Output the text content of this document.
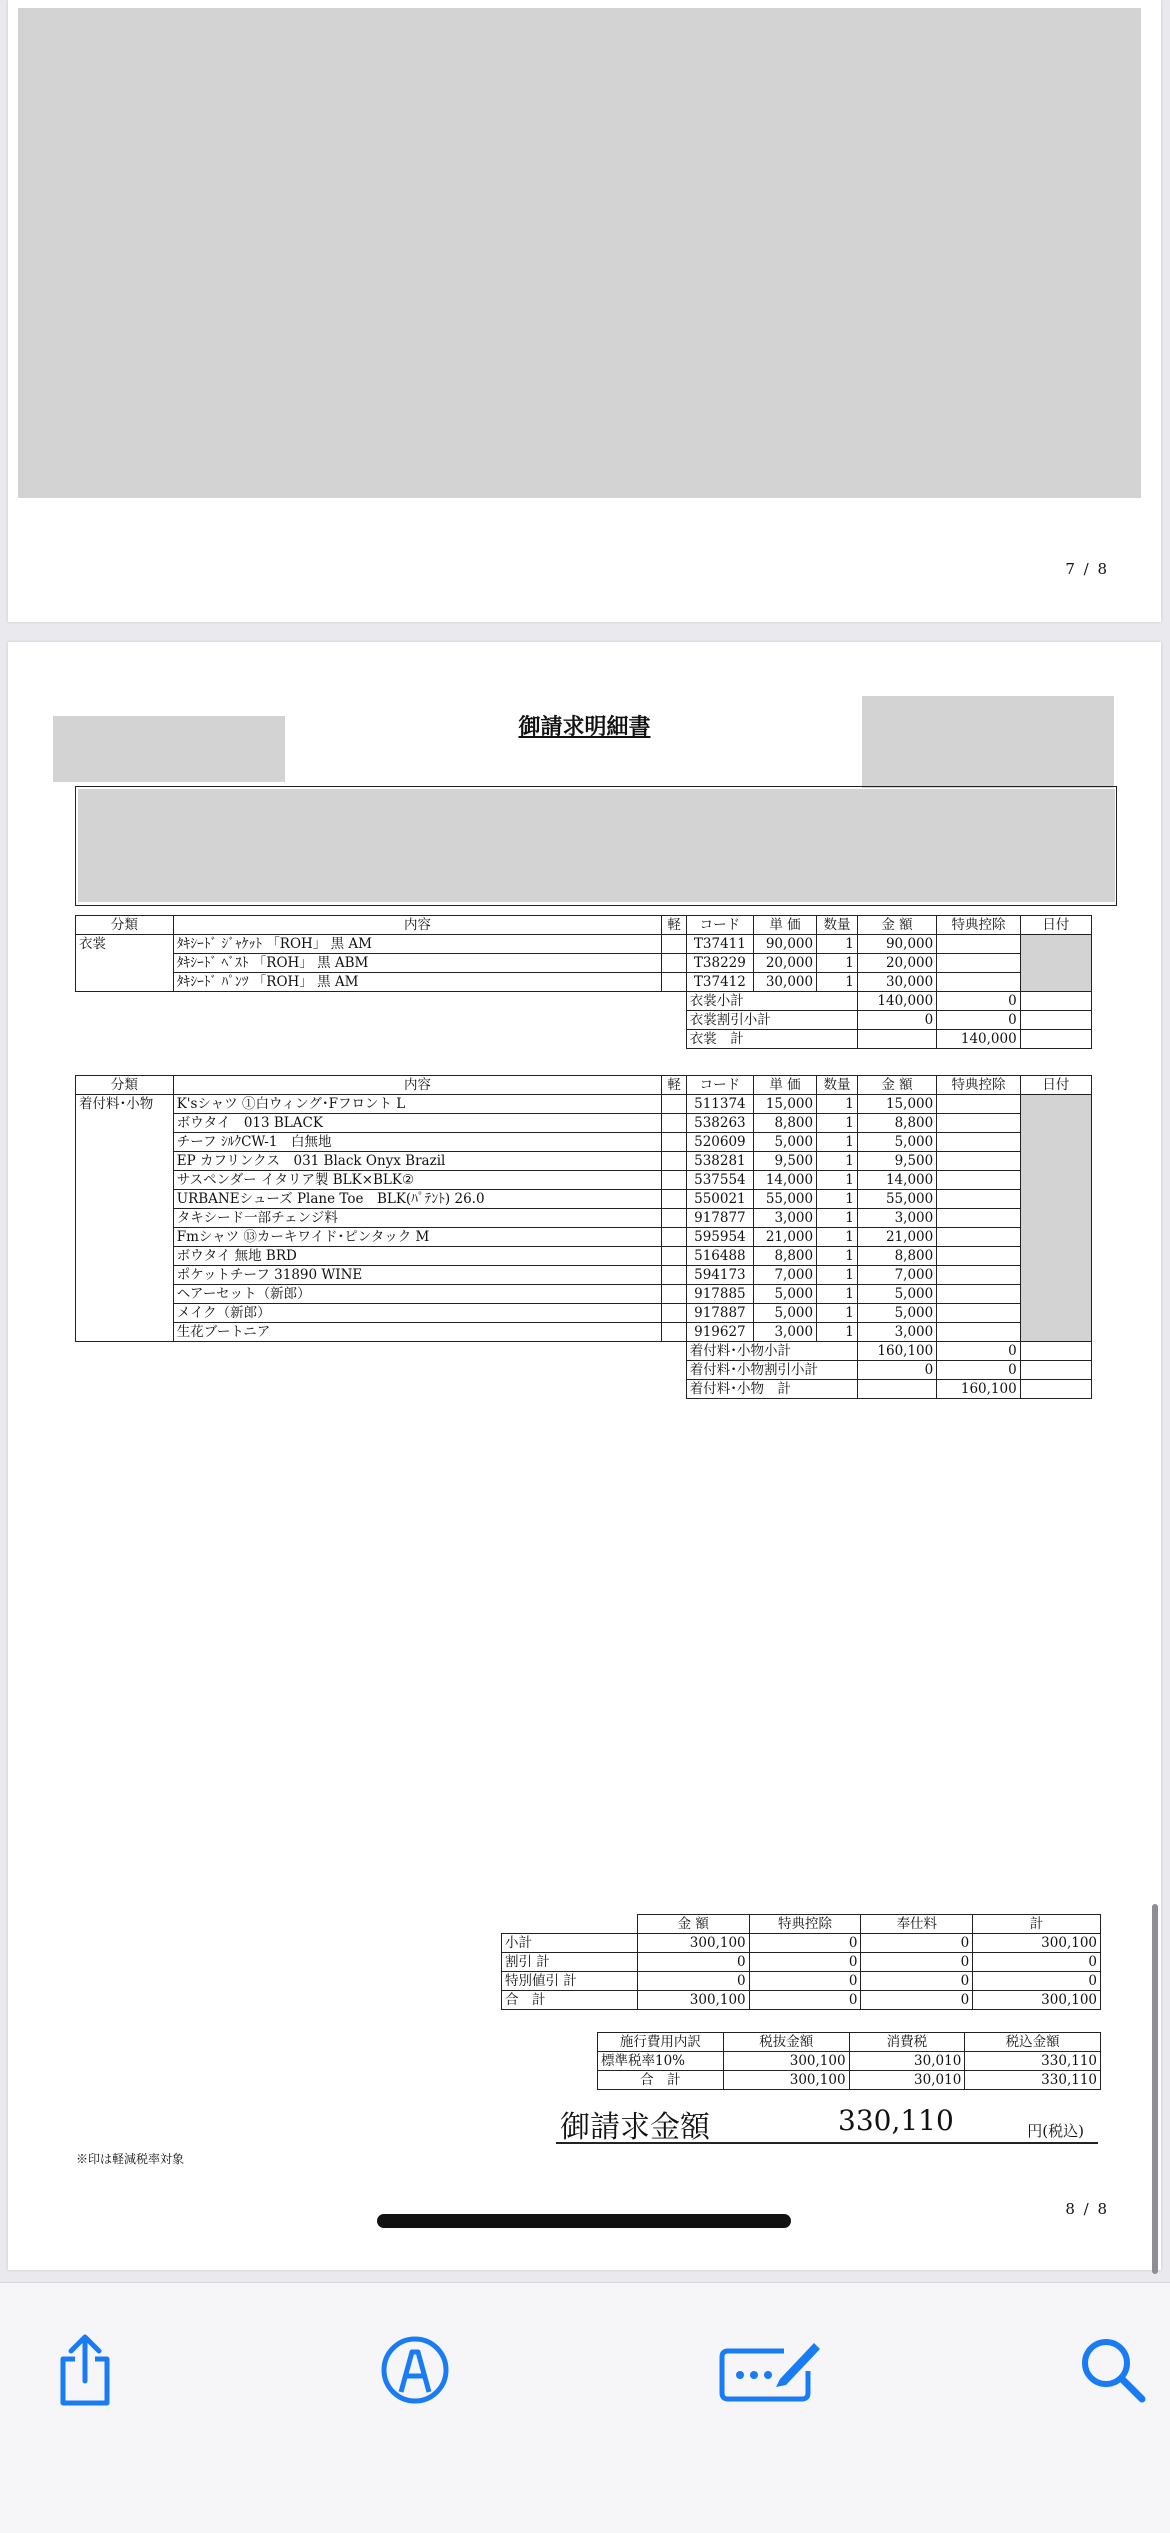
7 / 8
御請求明細書
分類	内容	軽	コード	単 価	数量	金 額	特典控除	日付
衣裳	ﾀｷｼｰﾄﾞ ｼﾞｬｹｯﾄ 「ROH」 黒 AM		T37411	90,000	1	90,000		
	ﾀｷｼｰﾄﾞ ﾍﾞｽﾄ 「ROH」 黒 ABM		T38229	20,000	1	20,000		
	ﾀｷｼｰﾄﾞ ﾊﾟﾝﾂ 「ROH」 黒 AM		T37412	30,000	1	30,000		
			衣裳小計			140,000	0	
			衣裳割引小計			0	0	
			衣裳　計				140,000	
分類	内容	軽	コード	単 価	数量	金 額	特典控除	日付
着付料･小物	K'sシャツ ①白ウィング･Fフロント L		511374	15,000	1	15,000		
	ボウタイ　013 BLACK		538263	8,800	1	8,800		
	チーフ ｼﾙｸCW-1　白無地		520609	5,000	1	5,000		
	EP カフリンクス　031 Black Onyx Brazil		538281	9,500	1	9,500		
	サスペンダー イタリア製 BLK×BLK②		537554	14,000	1	14,000		
	URBANEシューズ Plane Toe　BLK(ﾊﾟﾃﾝﾄ) 26.0		550021	55,000	1	55,000		
	タキシード一部チェンジ料		917877	3,000	1	3,000		
	Fmシャツ ⑬カーキワイド･ピンタック M		595954	21,000	1	21,000		
	ボウタイ 無地 BRD		516488	8,800	1	8,800		
	ポケットチーフ 31890 WINE		594173	7,000	1	7,000		
	ヘアーセット（新郎）		917885	5,000	1	5,000		
	メイク（新郎）		917887	5,000	1	5,000		
	生花ブートニア		919627	3,000	1	3,000		
			着付料･小物小計			160,100	0	
			着付料･小物割引小計			0	0	
			着付料･小物　計				160,100	
	金 額	特典控除	奉仕料	計
小計	300,100	0	0	300,100
割引 計	0	0	0	0
特別値引 計	0	0	0	0
合　計	300,100	0	0	300,100
施行費用内訳	税抜金額	消費税	税込金額
標準税率10%	300,100	30,010	330,110
合　計	300,100	30,010	330,110
御請求金額	330,110	円(税込)
※印は軽減税率対象
8 / 8
